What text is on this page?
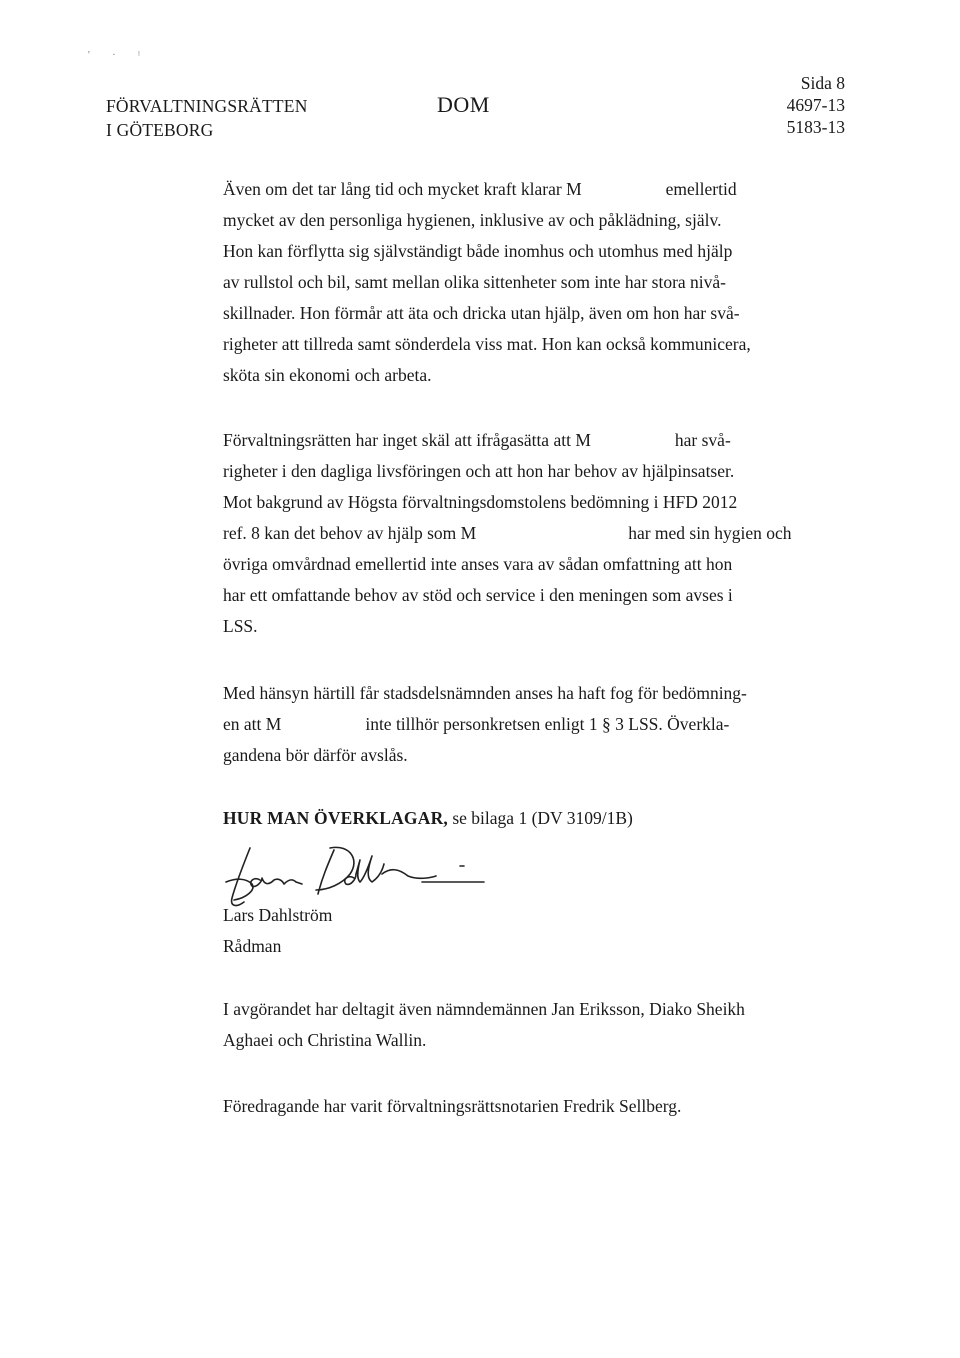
' · ˡ
FÖRVALTNINGSRÄTTEN
I GÖTEBORG
DOM
Sida 8
4697-13
5183-13
Även om det tar lång tid och mycket kraft klarar M	emellertid
mycket av den personliga hygienen, inklusive av och påklädning, själv.
Hon kan förflytta sig självständigt både inomhus och utomhus med hjälp
av rullstol och bil, samt mellan olika sittenheter som inte har stora nivå-
skillnader. Hon förmår att äta och dricka utan hjälp, även om hon har svå-
righeter att tillreda samt sönderdela viss mat. Hon kan också kommunicera,
sköta sin ekonomi och arbeta.
Förvaltningsrätten har inget skäl att ifrågasätta att M	har svå-
righeter i den dagliga livsföringen och att hon har behov av hjälpinsatser.
Mot bakgrund av Högsta förvaltningsdomstolens bedömning i HFD 2012
ref. 8 kan det behov av hjälp som M	har med sin hygien och
övriga omvårdnad emellertid inte anses vara av sådan omfattning att hon
har ett omfattande behov av stöd och service i den meningen som avses i
LSS.
Med hänsyn härtill får stadsdelsnämnden anses ha haft fog för bedömning-
en att M	inte tillhör personkretsen enligt 1 § 3 LSS. Överkla-
gandena bör därför avslås.
HUR MAN ÖVERKLAGAR, se bilaga 1 (DV 3109/1B)
Lars Dahlström
Rådman
I avgörandet har deltagit även nämndemännen Jan Eriksson, Diako Sheikh
Aghaei och Christina Wallin.
Föredragande har varit förvaltningsrättsnotarien Fredrik Sellberg.
